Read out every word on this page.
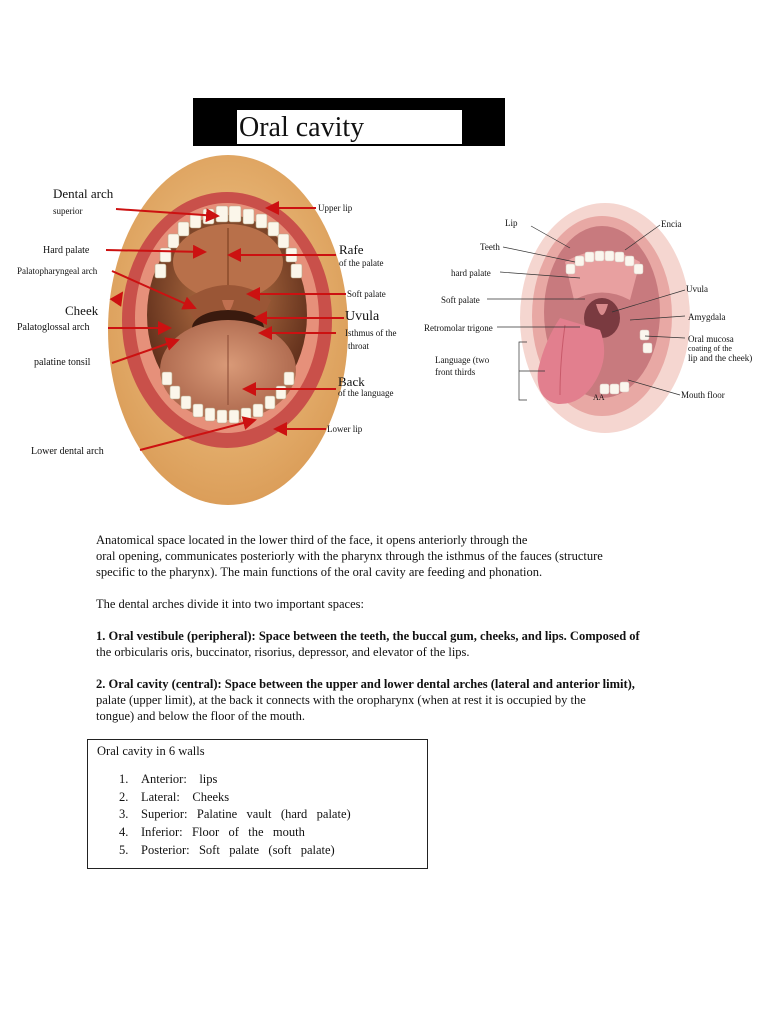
Oral cavity
Dental arch
superior
Hard palate
Palatopharyngeal arch
Cheek
Palatoglossal arch
palatine tonsil
Lower dental arch
Upper lip
Rafe
of the palate
Soft palate
Uvula
Isthmus of the
throat
Back
of the language
Lower lip
Lip
Teeth
hard palate
Soft palate
Retromolar trigone
Language (two
front thirds
Encia
Uvula
Amygdala
Oral mucosa
coating of the
lip and the cheek)
Mouth floor
AA

Anatomical space located in the lower third of the face, it opens anteriorly through the

oral opening, communicates posteriorly with the pharynx through the isthmus of the fauces (structure

specific to the pharynx). The main functions of the oral cavity are feeding and phonation.

The dental arches divide it into two important spaces:

1. Oral vestibule (peripheral): Space between the teeth, the buccal gum, cheeks, and lips. Composed of

the orbicularis oris, buccinator, risorius, depressor, and elevator of the lips.

2. Oral cavity (central): Space between the upper and lower dental arches (lateral and anterior limit),

palate (upper limit), at the back it connects with the oropharynx (when at rest it is occupied by the

tongue) and below the floor of the mouth.

Oral cavity in 6 walls
1. Anterior:    lips
2. Lateral:    Cheeks
3. Superior:   Palatine   vault   (hard   palate)
4. Inferior:   Floor   of   the   mouth
5. Posterior:   Soft   palate   (soft   palate)
